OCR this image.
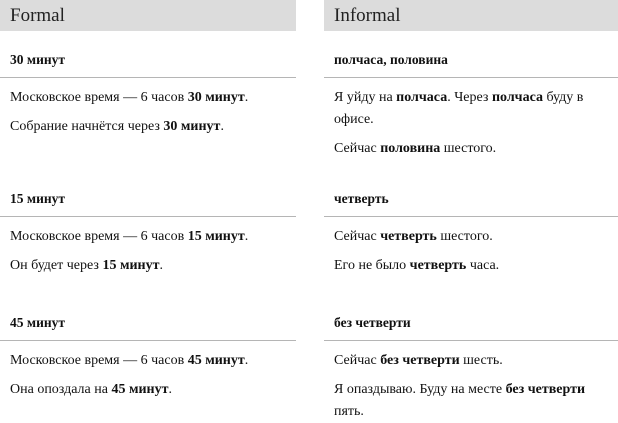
Formal
30 минут
Московское время — 6 часов 30 минут.
Собрание начнётся через 30 минут.
15 минут
Московское время — 6 часов 15 минут.
Он будет через 15 минут.
45 минут
Московское время — 6 часов 45 минут.
Она опоздала на 45 минут.
Informal
полчаса, половина
Я уйду на полчаса. Через полчаса буду в офисе.
Сейчас половина шестого.
четверть
Сейчас четверть шестого.
Его не было четверть часа.
без четверти
Сейчас без четверти шесть.
Я опаздываю. Буду на месте без четверти пять.
